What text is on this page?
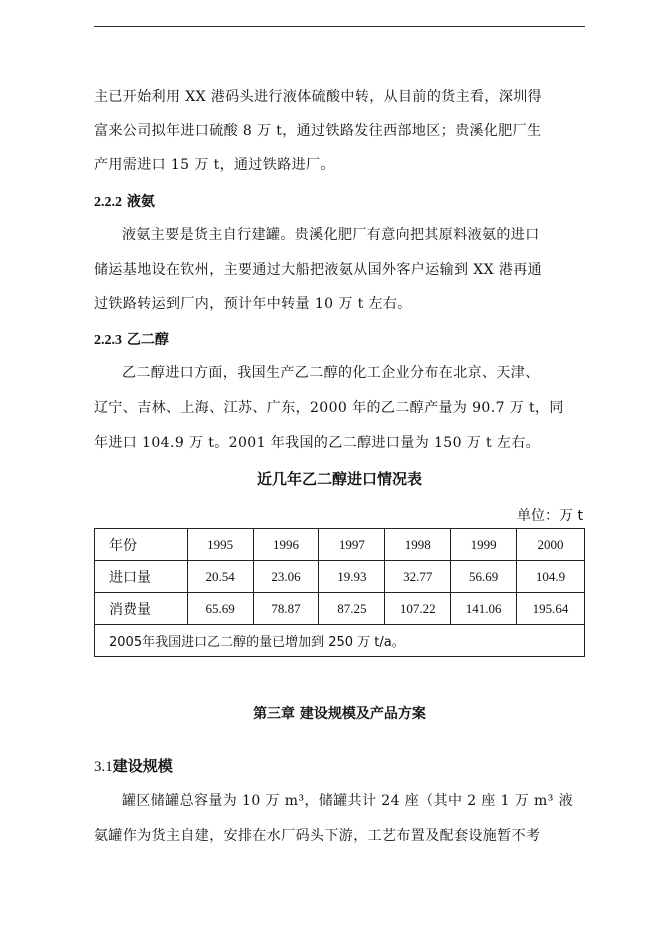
主已开始利用 XX 港码头进行液体硫酸中转，从目前的货主看，深圳得
富来公司拟年进口硫酸 8 万 t，通过铁路发往西部地区；贵溪化肥厂生
产用需进口 15 万 t，通过铁路进厂。
2.2.2 液氨
液氨主要是货主自行建罐。贵溪化肥厂有意向把其原料液氨的进口
储运基地设在钦州，主要通过大船把液氨从国外客户运输到 XX 港再通
过铁路转运到厂内，预计年中转量 10 万 t 左右。
2.2.3 乙二醇
乙二醇进口方面，我国生产乙二醇的化工企业分布在北京、天津、
辽宁、吉林、上海、江苏、广东，2000 年的乙二醇产量为 90.7 万 t，同
年进口 104.9 万 t。2001 年我国的乙二醇进口量为 150 万 t 左右。
近几年乙二醇进口情况表
单位：万 t
年份	1995	1996	1997	1998	1999	2000
进口量	20.54	23.06	19.93	32.77	56.69	104.9
消费量	65.69	78.87	87.25	107.22	141.06	195.64
2005年我国进口乙二醇的量已增加到 250 万 t/a。						
第三章 建设规模及产品方案
3.1建设规模
罐区储罐总容量为 10 万 m³，储罐共计 24 座（其中 2 座 1 万 m³ 液
氨罐作为货主自建，安排在水厂码头下游，工艺布置及配套设施暂不考
